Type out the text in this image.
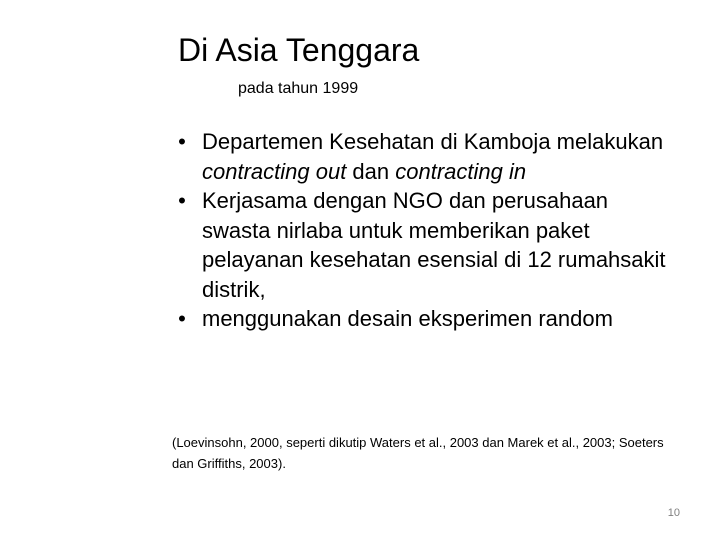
Di Asia Tenggara
pada tahun 1999
• Departemen Kesehatan di Kamboja melakukan contracting out dan contracting in
• Kerjasama dengan NGO dan perusahaan swasta nirlaba untuk memberikan paket pelayanan kesehatan esensial di 12 rumahsakit distrik,
• menggunakan desain eksperimen random
(Loevinsohn, 2000, seperti dikutip Waters et al., 2003 dan Marek et al., 2003; Soeters dan Griffiths, 2003).
10
